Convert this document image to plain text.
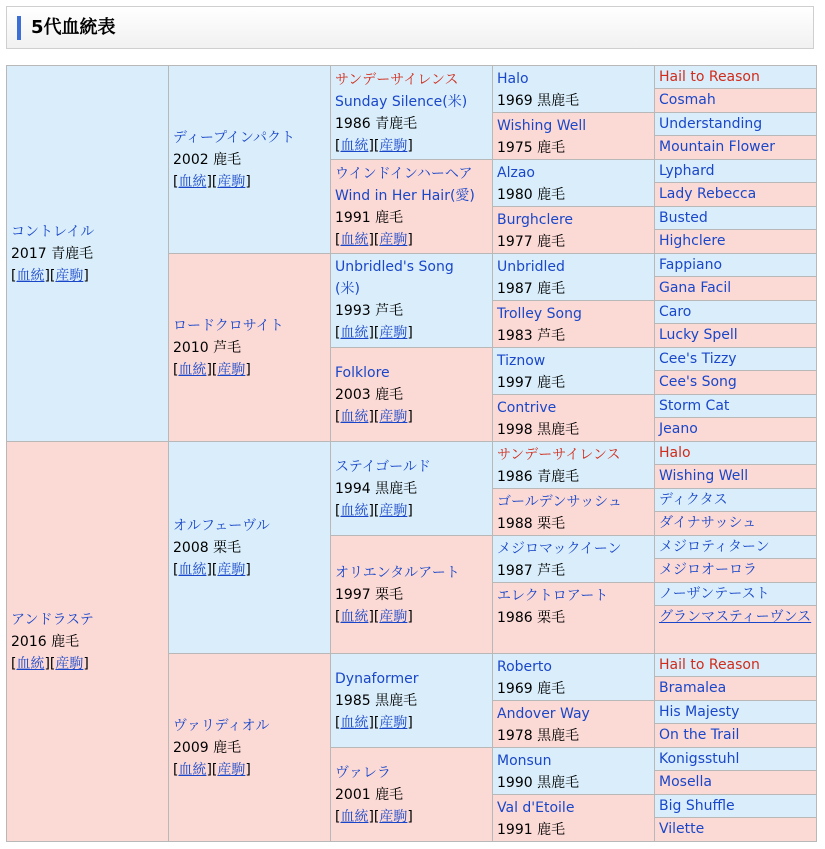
5代血統表
コントレイル
2017 青鹿毛
[血統][産駒]
アンドラステ
2016 鹿毛
[血統][産駒]
ディープインパクト
2002 鹿毛
[血統][産駒]
ロードクロサイト
2010 芦毛
[血統][産駒]
オルフェーヴル
2008 栗毛
[血統][産駒]
ヴァリディオル
2009 鹿毛
[血統][産駒]
サンデーサイレンス
Sunday Silence(米)
1986 青鹿毛
[血統][産駒]
ウインドインハーヘア
Wind in Her Hair(愛)
1991 鹿毛
[血統][産駒]
Unbridled's Song
(米)
1993 芦毛
[血統][産駒]
Folklore
2003 鹿毛
[血統][産駒]
ステイゴールド
1994 黒鹿毛
[血統][産駒]
オリエンタルアート
1997 栗毛
[血統][産駒]
Dynaformer
1985 黒鹿毛
[血統][産駒]
ヴァレラ
2001 鹿毛
[血統][産駒]
Halo
1969 黒鹿毛
Wishing Well
1975 鹿毛
Alzao
1980 鹿毛
Burghclere
1977 鹿毛
Unbridled
1987 鹿毛
Trolley Song
1983 芦毛
Tiznow
1997 鹿毛
Contrive
1998 黒鹿毛
サンデーサイレンス
1986 青鹿毛
ゴールデンサッシュ
1988 栗毛
メジロマックイーン
1987 芦毛
エレクトロアート
1986 栗毛
Roberto
1969 鹿毛
Andover Way
1978 黒鹿毛
Monsun
1990 黒鹿毛
Val d'Etoile
1991 鹿毛
Hail to Reason
Cosmah
Understanding
Mountain Flower
Lyphard
Lady Rebecca
Busted
Highclere
Fappiano
Gana Facil
Caro
Lucky Spell
Cee's Tizzy
Cee's Song
Storm Cat
Jeano
Halo
Wishing Well
ディクタス
ダイナサッシュ
メジロティターン
メジロオーロラ
ノーザンテースト
グランマスティーヴンス
Hail to Reason
Bramalea
His Majesty
On the Trail
Konigsstuhl
Mosella
Big Shuffle
Vilette
